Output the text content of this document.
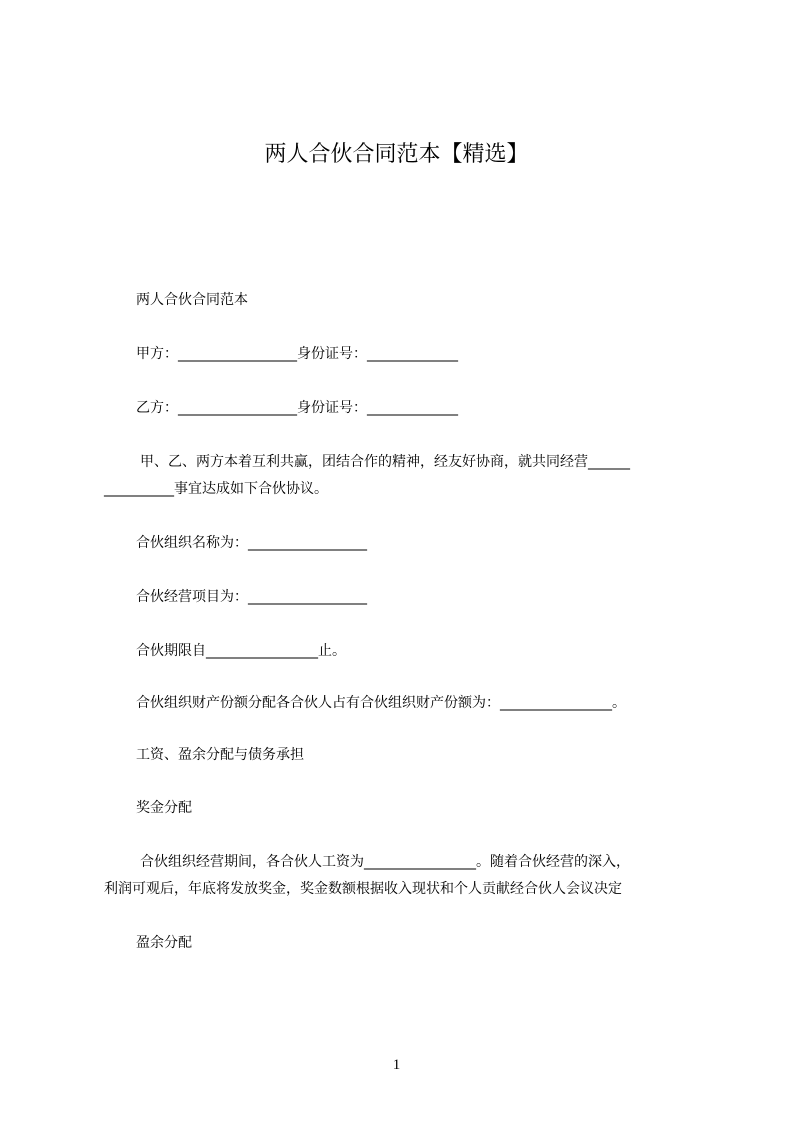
两人合伙合同范本【精选】
两人合伙合同范本
甲方：_________________身份证号：_____________
乙方：_________________身份证号：_____________
甲、乙、两方本着互利共赢，团结合作的精神，经友好协商，就共同经营______
__________事宜达成如下合伙协议。
合伙组织名称为：_________________
合伙经营项目为：_________________
合伙期限自________________止。
合伙组织财产份额分配各合伙人占有合伙组织财产份额为：________________。
工资、盈余分配与债务承担
奖金分配
合伙组织经营期间，各合伙人工资为________________。随着合伙经营的深入，
利润可观后，年底将发放奖金，奖金数额根据收入现状和个人贡献经合伙人会议决定
盈余分配
1
